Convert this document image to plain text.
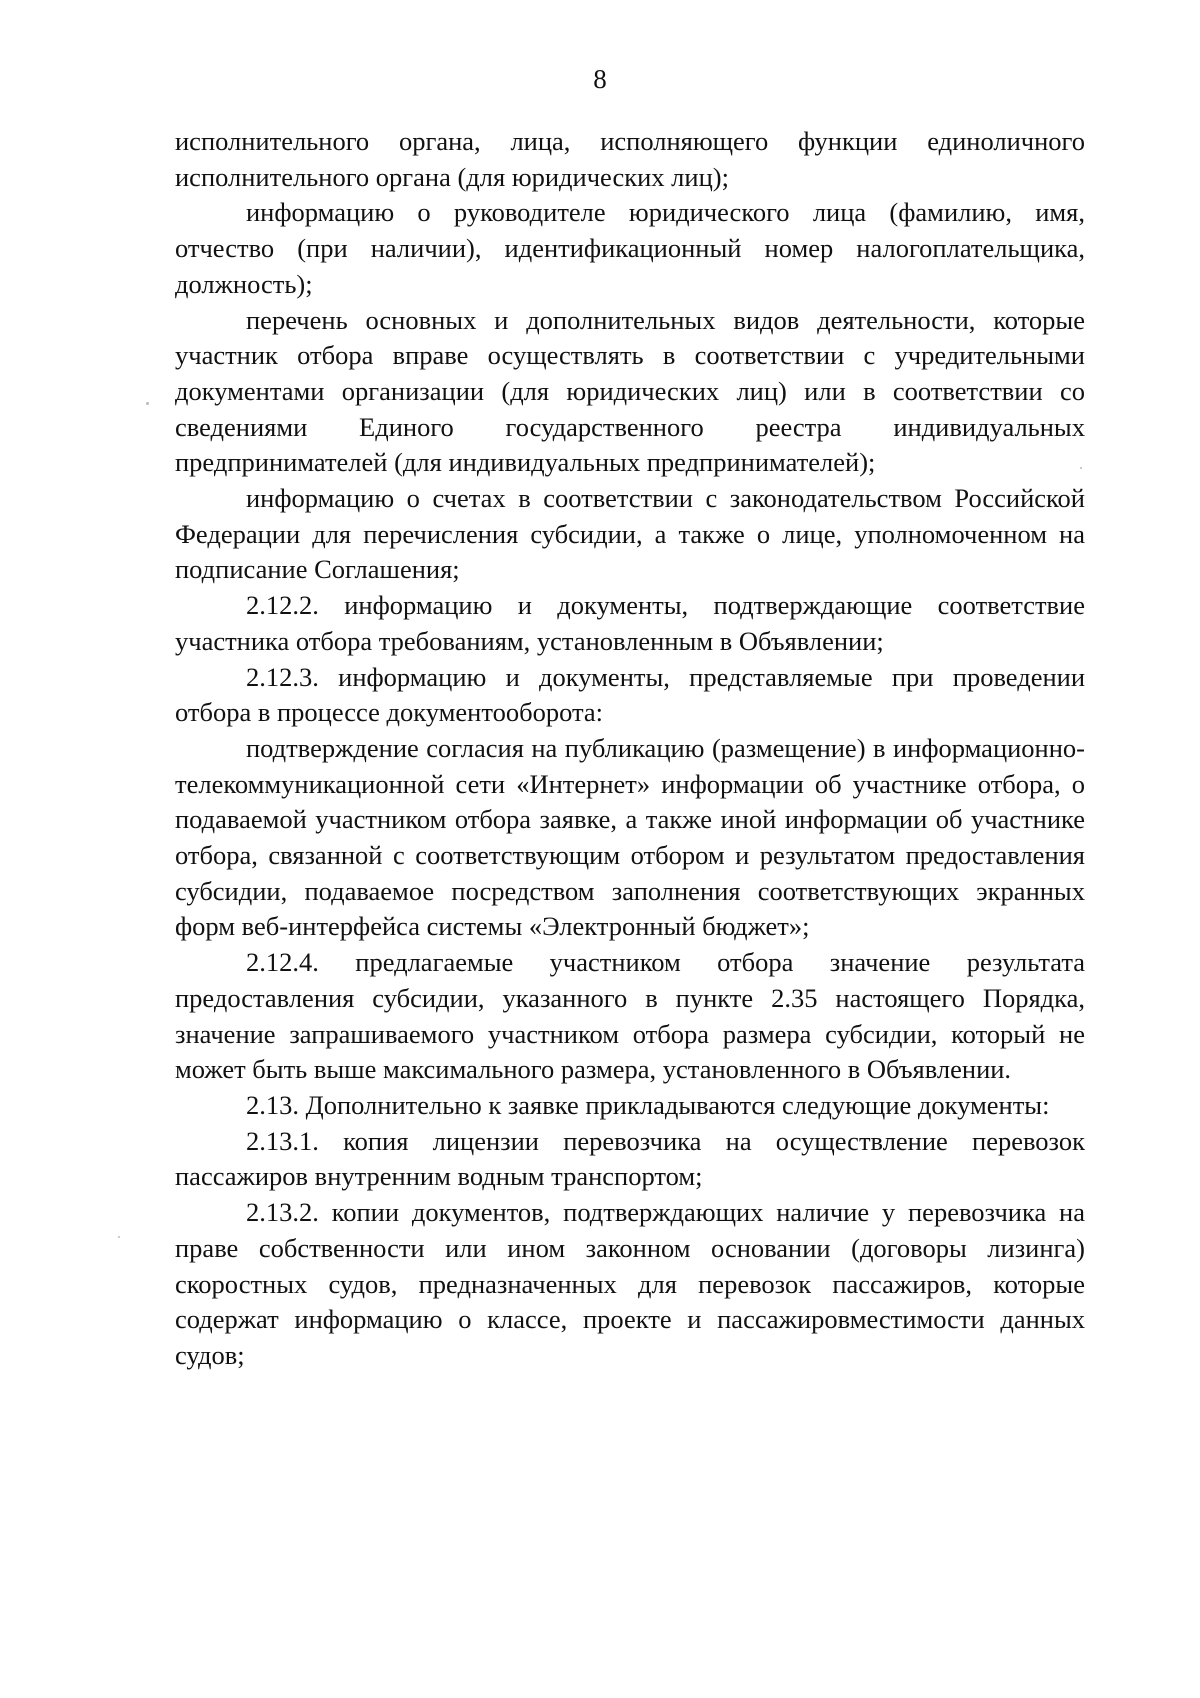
8

исполнительного органа, лица, исполняющего функции единоличного исполнительного органа (для юридических лиц);

информацию о руководителе юридического лица (фамилию, имя, отчество (при наличии), идентификационный номер налогоплательщика, должность);

перечень основных и дополнительных видов деятельности, которые участник отбора вправе осуществлять в соответствии с учредительными документами организации (для юридических лиц) или в соответствии со сведениями Единого государственного реестра индивидуальных предпринимателей (для индивидуальных предпринимателей);

информацию о счетах в соответствии с законодательством Российской Федерации для перечисления субсидии, а также о лице, уполномоченном на подписание Соглашения;

2.12.2. информацию и документы, подтверждающие соответствие участника отбора требованиям, установленным в Объявлении;

2.12.3. информацию и документы, представляемые при проведении отбора в процессе документооборота:

подтверждение согласия на публикацию (размещение) в информационно-телекоммуникационной сети «Интернет» информации об участнике отбора, о подаваемой участником отбора заявке, а также иной информации об участнике отбора, связанной с соответствующим отбором и результатом предоставления субсидии, подаваемое посредством заполнения соответствующих экранных форм веб-интерфейса системы «Электронный бюджет»;

2.12.4. предлагаемые участником отбора значение результата предоставления субсидии, указанного в пункте 2.35 настоящего Порядка, значение запрашиваемого участником отбора размера субсидии, который не может быть выше максимального размера, установленного в Объявлении.

2.13. Дополнительно к заявке прикладываются следующие документы:

2.13.1. копия лицензии перевозчика на осуществление перевозок пассажиров внутренним водным транспортом;

2.13.2. копии документов, подтверждающих наличие у перевозчика на праве собственности или ином законном основании (договоры лизинга) скоростных судов, предназначенных для перевозок пассажиров, которые содержат информацию о классе, проекте и пассажировместимости данных судов;
